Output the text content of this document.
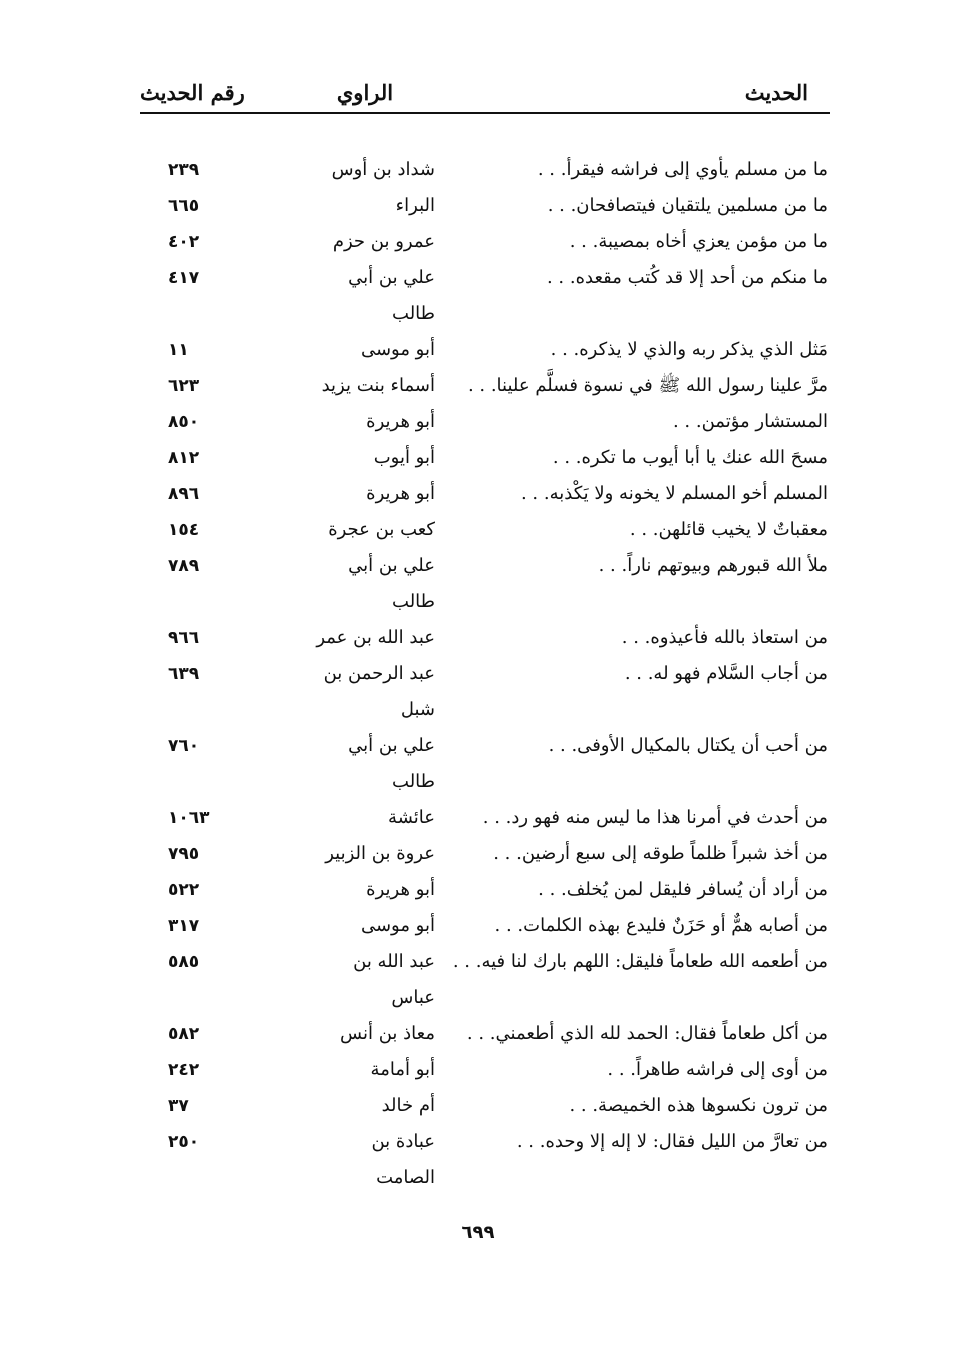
الحديث
الراوي
رقم الحديث
ما من مسلم يأوي إلى فراشه فيقرأ. . .
شداد بن أوس
٢٣٩
ما من مسلمين يلتقيان فيتصافحان. . .
البراء
٦٦٥
ما من مؤمن يعزي أخاه بمصيبة. . .
عمرو بن حزم
٤٠٢
ما منكم من أحد إلا قد كُتب مقعده. . .
علي بن أبي
٤١٧
طالب
مَثل الذي يذكر ربه والذي لا يذكره. . .
أبو موسى
١١
مرَّ علينا رسول الله ﷺ في نسوة فسلَّم علينا. . .
أسماء بنت يزيد
٦٢٣
المستشار مؤتمن. . .
أبو هريرة
٨٥٠
مسحَ الله عنك يا أبا أيوب ما تكره. . .
أبو أيوب
٨١٢
المسلم أخو المسلم لا يخونه ولا يَكْذبه. . .
أبو هريرة
٨٩٦
معقباتٌ لا يخيب قائلهن. . .
كعب بن عجرة
١٥٤
ملأ الله قبورهم وبيوتهم ناراً. . .
علي بن أبي
٧٨٩
طالب
من استعاذ بالله فأعيذوه. . .
عبد الله بن عمر
٩٦٦
من أجاب السَّلام فهو له. . .
عبد الرحمن بن
٦٣٩
شبل
من أحب أن يكتال بالمكيال الأوفى. . .
علي بن أبي
٧٦٠
طالب
من أحدث في أمرنا هذا ما ليس منه فهو رد. . .
عائشة
١٠٦٣
من أخذ شبراً ظلماً طوقه إلى سبع أرضين. . .
عروة بن الزبير
٧٩٥
من أراد أن يُسافر فليقل لمن يُخلف. . .
أبو هريرة
٥٢٢
من أصابه همٌّ أو حَزَنٌ فليدع بهذه الكلمات. . .
أبو موسى
٣١٧
من أطعمه الله طعاماً فليقل: اللهم بارك لنا فيه. . .
عبد الله بن
٥٨٥
عباس
من أكل طعاماً فقال: الحمد لله الذي أطعمني. . .
معاذ بن أنس
٥٨٢
من أوى إلى فراشه طاهراً. . .
أبو أمامة
٢٤٢
من ترون نكسوها هذه الخميصة. . .
أم خالد
٣٧
من تعارَّ من الليل فقال: لا إله إلا وحده. . .
عبادة بن
٢٥٠
الصامت
٦٩٩
